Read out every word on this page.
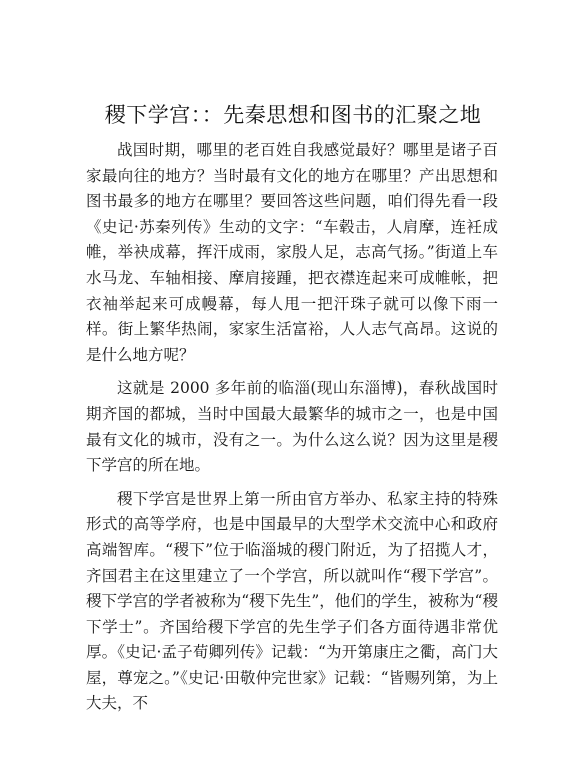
稷下学宫：：先秦思想和图书的汇聚之地

战国时期，哪里的老百姓自我感觉最好？哪里是诸子百家最向往的地方？当时最有文化的地方在哪里？产出思想和图书最多的地方在哪里？要回答这些问题，咱们得先看一段《史记·苏秦列传》生动的文字：“车毂击，人肩摩，连衽成帷，举袂成幕，挥汗成雨，家殷人足，志高气扬。”街道上车水马龙、车轴相接、摩肩接踵，把衣襟连起来可成帷帐，把衣袖举起来可成幔幕，每人甩一把汗珠子就可以像下雨一样。街上繁华热闹，家家生活富裕，人人志气高昂。这说的是什么地方呢？

这就是 2000 多年前的临淄(现山东淄博)，春秋战国时期齐国的都城，当时中国最大最繁华的城市之一，也是中国最有文化的城市，没有之一。为什么这么说？因为这里是稷下学宫的所在地。

稷下学宫是世界上第一所由官方举办、私家主持的特殊形式的高等学府，也是中国最早的大型学术交流中心和政府高端智库。“稷下”位于临淄城的稷门附近，为了招揽人才，齐国君主在这里建立了一个学宫，所以就叫作“稷下学宫”。稷下学宫的学者被称为“稷下先生”，他们的学生，被称为“稷下学士”。齐国给稷下学宫的先生学子们各方面待遇非常优厚。《史记·孟子荀卿列传》记载：“为开第康庄之衢，高门大屋，尊宠之。”《史记·田敬仲完世家》记载：“皆赐列第，为上大夫，不
